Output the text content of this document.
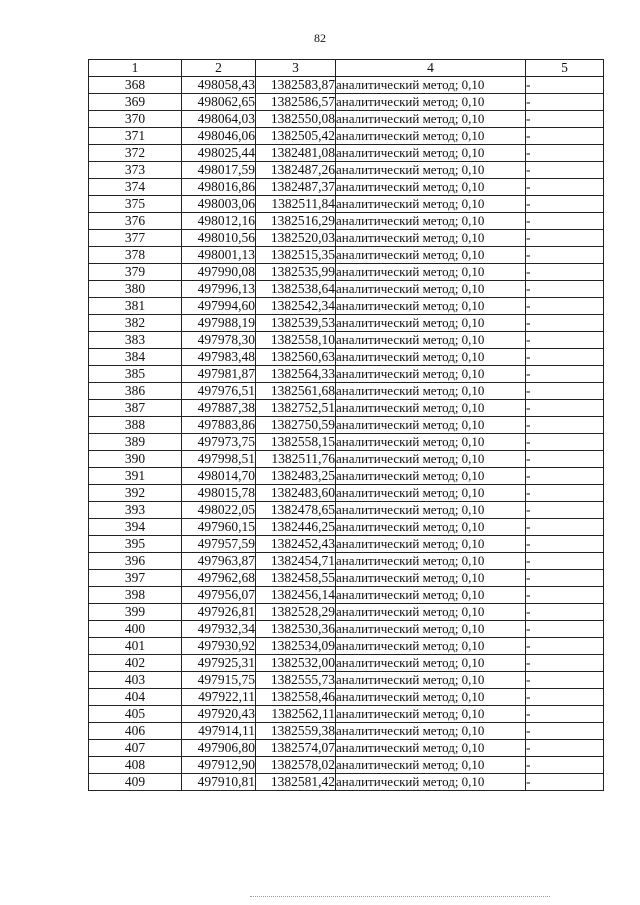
82
1	2	3	4	5
368	498058,43	1382583,87	аналитический метод; 0,10	-
369	498062,65	1382586,57	аналитический метод; 0,10	-
370	498064,03	1382550,08	аналитический метод; 0,10	-
371	498046,06	1382505,42	аналитический метод; 0,10	-
372	498025,44	1382481,08	аналитический метод; 0,10	-
373	498017,59	1382487,26	аналитический метод; 0,10	-
374	498016,86	1382487,37	аналитический метод; 0,10	-
375	498003,06	1382511,84	аналитический метод; 0,10	-
376	498012,16	1382516,29	аналитический метод; 0,10	-
377	498010,56	1382520,03	аналитический метод; 0,10	-
378	498001,13	1382515,35	аналитический метод; 0,10	-
379	497990,08	1382535,99	аналитический метод; 0,10	-
380	497996,13	1382538,64	аналитический метод; 0,10	-
381	497994,60	1382542,34	аналитический метод; 0,10	-
382	497988,19	1382539,53	аналитический метод; 0,10	-
383	497978,30	1382558,10	аналитический метод; 0,10	-
384	497983,48	1382560,63	аналитический метод; 0,10	-
385	497981,87	1382564,33	аналитический метод; 0,10	-
386	497976,51	1382561,68	аналитический метод; 0,10	-
387	497887,38	1382752,51	аналитический метод; 0,10	-
388	497883,86	1382750,59	аналитический метод; 0,10	-
389	497973,75	1382558,15	аналитический метод; 0,10	-
390	497998,51	1382511,76	аналитический метод; 0,10	-
391	498014,70	1382483,25	аналитический метод; 0,10	-
392	498015,78	1382483,60	аналитический метод; 0,10	-
393	498022,05	1382478,65	аналитический метод; 0,10	-
394	497960,15	1382446,25	аналитический метод; 0,10	-
395	497957,59	1382452,43	аналитический метод; 0,10	-
396	497963,87	1382454,71	аналитический метод; 0,10	-
397	497962,68	1382458,55	аналитический метод; 0,10	-
398	497956,07	1382456,14	аналитический метод; 0,10	-
399	497926,81	1382528,29	аналитический метод; 0,10	-
400	497932,34	1382530,36	аналитический метод; 0,10	-
401	497930,92	1382534,09	аналитический метод; 0,10	-
402	497925,31	1382532,00	аналитический метод; 0,10	-
403	497915,75	1382555,73	аналитический метод; 0,10	-
404	497922,11	1382558,46	аналитический метод; 0,10	-
405	497920,43	1382562,11	аналитический метод; 0,10	-
406	497914,11	1382559,38	аналитический метод; 0,10	-
407	497906,80	1382574,07	аналитический метод; 0,10	-
408	497912,90	1382578,02	аналитический метод; 0,10	-
409	497910,81	1382581,42	аналитический метод; 0,10	-
